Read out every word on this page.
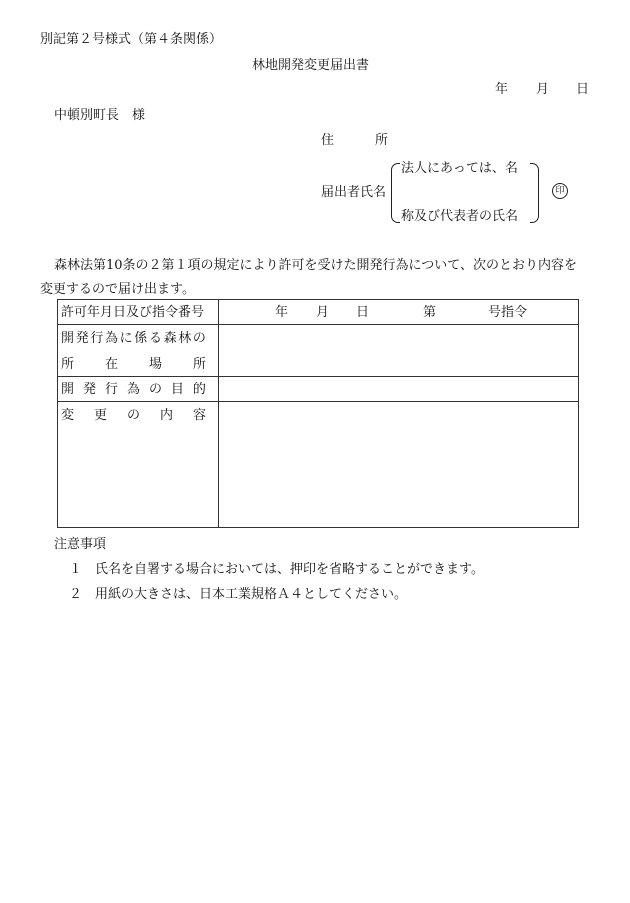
別記第２号様式（第４条関係）
林地開発変更届出書
年 月 日
中頓別町長　様
住	所
届出者氏名
法人にあっては、名
称及び代表者の氏名
印
森林法第10条の２第１項の規定により許可を受けた開発行為について、次のとおり内容を
変更するので届け出ます。
許可年月日及び指令番号	年 月 日	第	号指令
開 発 行 為 に 係 る 森 林 の
所 在 場 所
開 発 行 為 の 目 的
変 更 の 内 容
注意事項
１ 氏名を自署する場合においては、押印を省略することができます。
２ 用紙の大きさは、日本工業規格Ａ４としてください。
